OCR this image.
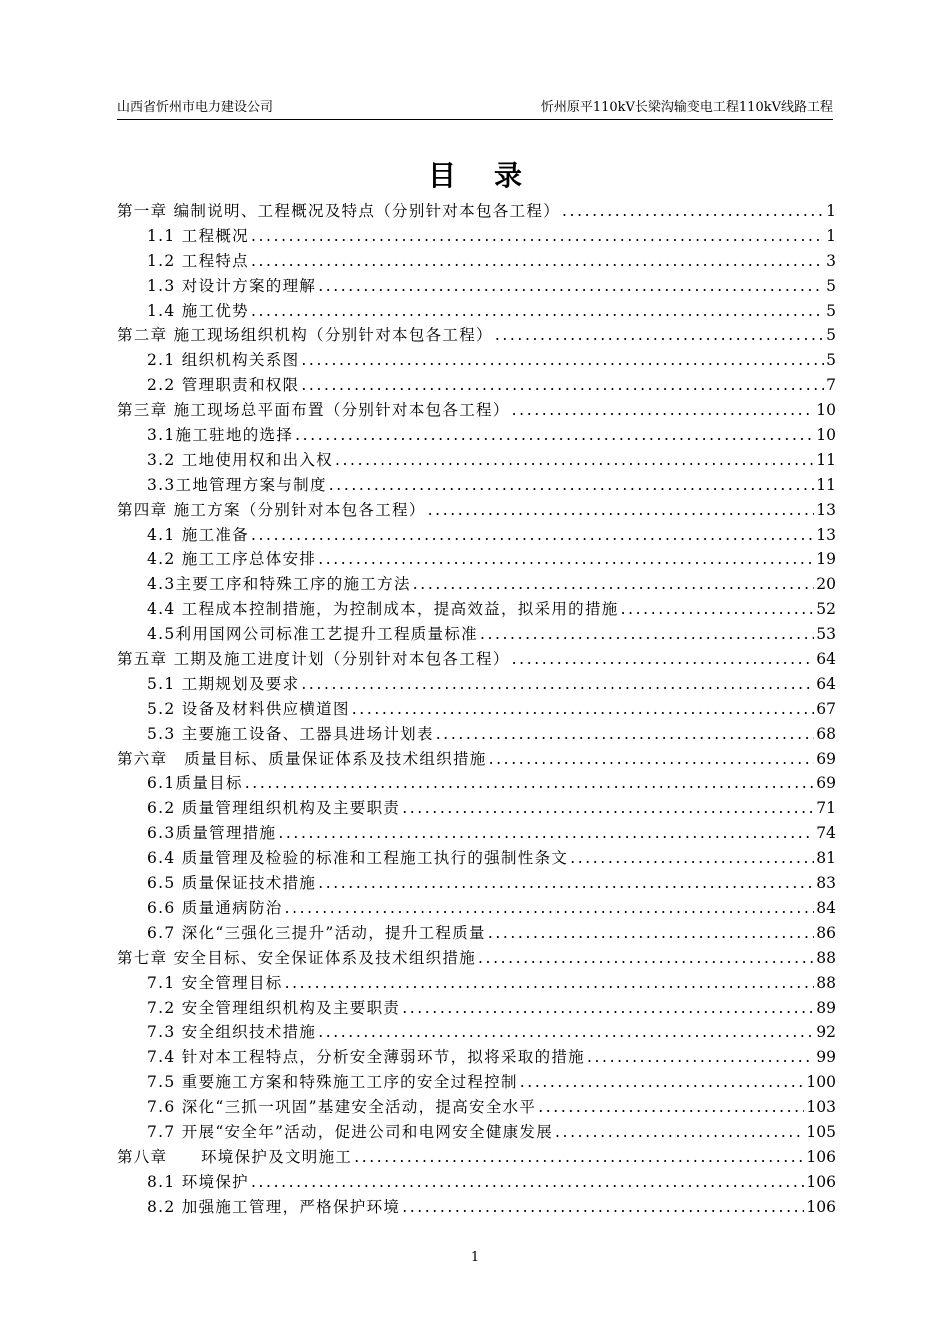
山西省忻州市电力建设公司	忻州原平110kV长梁沟输变电工程110kV线路工程
目录
第一章 编制说明、工程概况及特点（分别针对本包各工程） .....	1
1.1 工程概况 .....	1
1.2 工程特点 .....	3
1.3 对设计方案的理解 .....	5
1.4 施工优势 .....	5
第二章 施工现场组织机构（分别针对本包各工程） .....	5
2.1 组织机构关系图 .....	5
2.2 管理职责和权限 .....	7
第三章 施工现场总平面布置（分别针对本包各工程） .....	10
3.1施工驻地的选择 .....	10
3.2 工地使用权和出入权 .....	11
3.3工地管理方案与制度 .....	11
第四章 施工方案（分别针对本包各工程） .....	13
4.1 施工准备 .....	13
4.2 施工工序总体安排 .....	19
4.3主要工序和特殊工序的施工方法 .....	20
4.4 工程成本控制措施，为控制成本，提高效益，拟采用的措施 .....	52
4.5利用国网公司标准工艺提升工程质量标准 .....	53
第五章 工期及施工进度计划（分别针对本包各工程） .....	64
5.1 工期规划及要求 .....	64
5.2 设备及材料供应横道图 .....	67
5.3 主要施工设备、工器具进场计划表 .....	68
第六章　质量目标、质量保证体系及技术组织措施 .....	69
6.1质量目标 .....	69
6.2 质量管理组织机构及主要职责 .....	71
6.3质量管理措施 .....	74
6.4 质量管理及检验的标准和工程施工执行的强制性条文 .....	81
6.5 质量保证技术措施 .....	83
6.6 质量通病防治 .....	84
6.7 深化“三强化三提升”活动，提升工程质量 .....	86
第七章 安全目标、安全保证体系及技术组织措施 .....	88
7.1 安全管理目标 .....	88
7.2 安全管理组织机构及主要职责 .....	89
7.3 安全组织技术措施 .....	92
7.4 针对本工程特点，分析安全薄弱环节，拟将采取的措施 .....	99
7.5 重要施工方案和特殊施工工序的安全过程控制 .....	100
7.6 深化“三抓一巩固”基建安全活动，提高安全水平 .....	103
7.7 开展“安全年”活动，促进公司和电网安全健康发展 .....	105
第八章　　环境保护及文明施工 .....	106
8.1 环境保护 .....	106
8.2 加强施工管理，严格保护环境 .....	106
1
